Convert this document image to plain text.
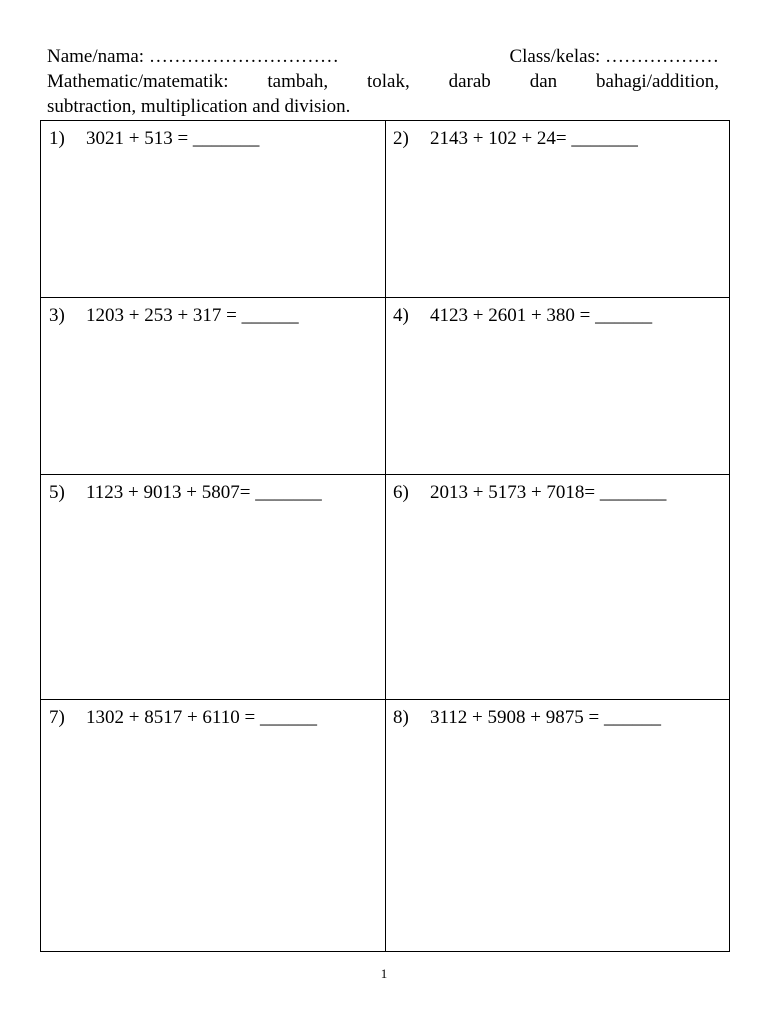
Name/nama: …………………………	Class/kelas: ………………
Mathematic/matematik: tambah, tolak, darab dan bahagi/addition,
subtraction, multiplication and division.
1)	3021 + 513 = _______	2)	2143 + 102 + 24= _______
3)	1203 + 253 + 317 = ______	4)	4123 + 2601 + 380 = ______
5)	1123 + 9013 + 5807= _______	6)	2013 + 5173 + 7018= _______
7)	1302 + 8517 + 6110 = ______	8)	3112 + 5908 + 9875 = ______
1
